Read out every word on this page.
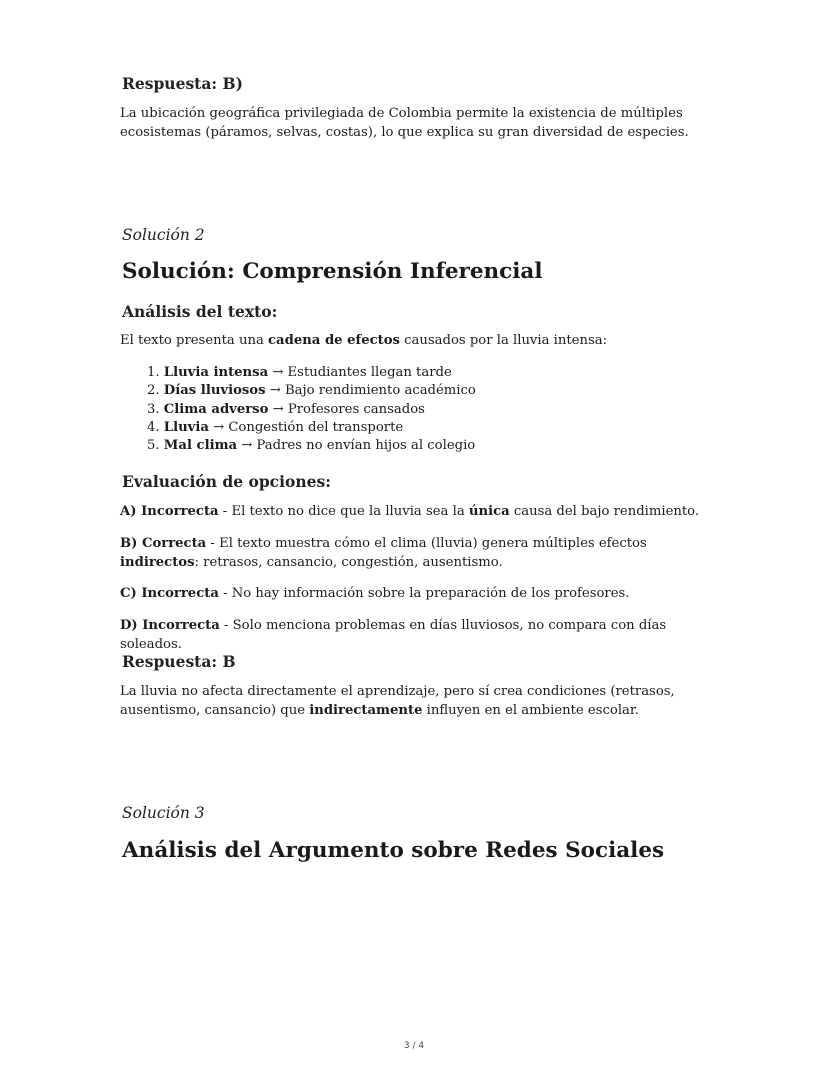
Respuesta: B)

La ubicación geográfica privilegiada de Colombia permite la existencia de múltiples ecosistemas (páramos, selvas, costas), lo que explica su gran diversidad de especies.

Solución 2
Solución: Comprensión Inferencial
Análisis del texto:

El texto presenta una cadena de efectos causados por la lluvia intensa:

1. Lluvia intensa → Estudiantes llegan tarde
2. Días lluviosos → Bajo rendimiento académico
3. Clima adverso → Profesores cansados
4. Lluvia → Congestión del transporte
5. Mal clima → Padres no envían hijos al colegio
Evaluación de opciones:

A) Incorrecta - El texto no dice que la lluvia sea la única causa del bajo rendimiento.

B) Correcta - El texto muestra cómo el clima (lluvia) genera múltiples efectos indirectos: retrasos, cansancio, congestión, ausentismo.

C) Incorrecta - No hay información sobre la preparación de los profesores.

D) Incorrecta - Solo menciona problemas en días lluviosos, no compara con días soleados.

Respuesta: B

La lluvia no afecta directamente el aprendizaje, pero sí crea condiciones (retrasos, ausentismo, cansancio) que indirectamente influyen en el ambiente escolar.

Solución 3
Análisis del Argumento sobre Redes Sociales
3 / 4
